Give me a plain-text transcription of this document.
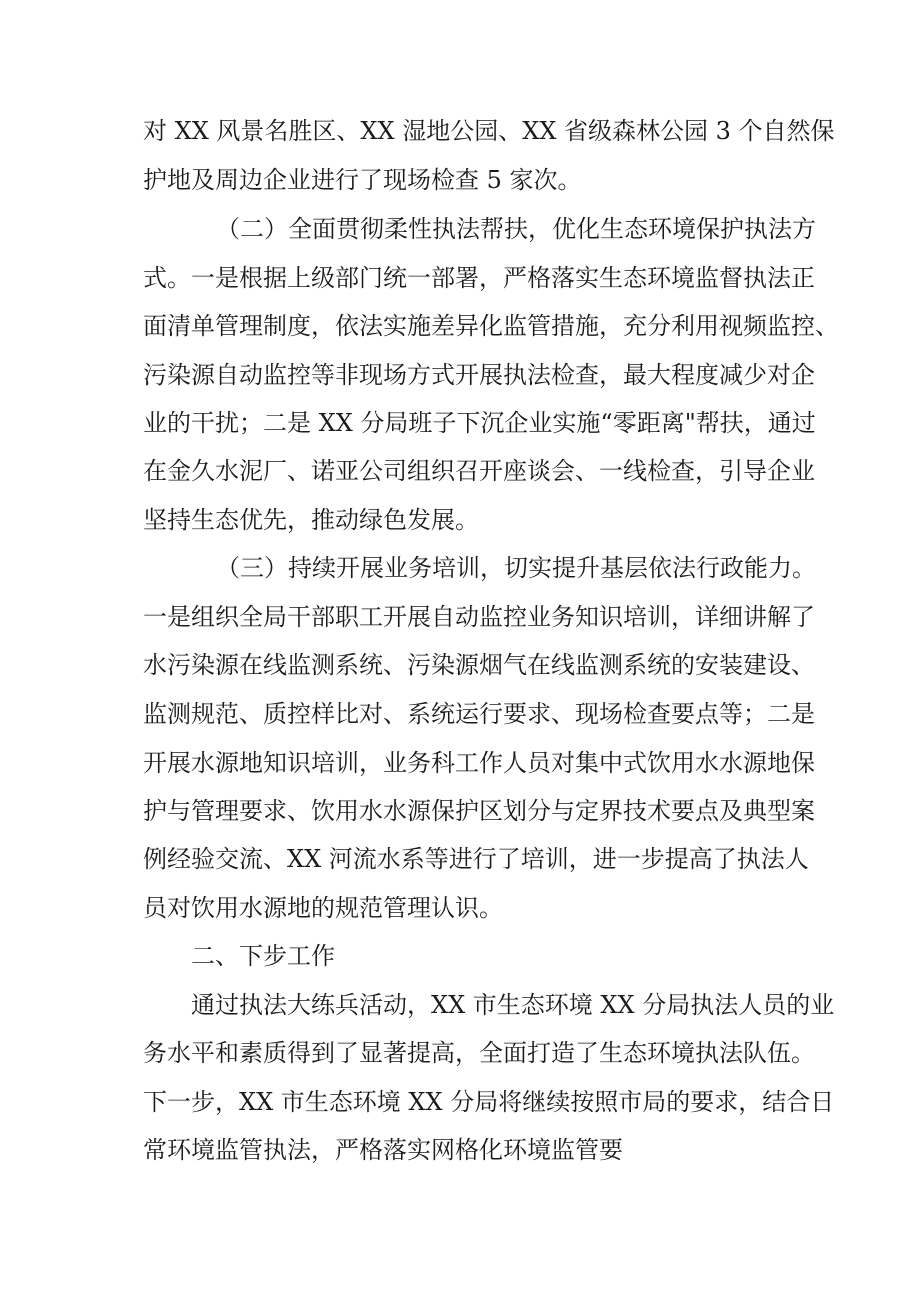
对 XX 风景名胜区、XX 湿地公园、XX 省级森林公园 3 个自然保
护地及周边企业进行了现场检查 5 家次。
（二）全面贯彻柔性执法帮扶，优化生态环境保护执法方
式。一是根据上级部门统一部署，严格落实生态环境监督执法正
面清单管理制度，依法实施差异化监管措施，充分利用视频监控、
污染源自动监控等非现场方式开展执法检查，最大程度减少对企
业的干扰；二是 XX 分局班子下沉企业实施“零距离"帮扶，通过
在金久水泥厂、诺亚公司组织召开座谈会、一线检查，引导企业
坚持生态优先，推动绿色发展。
（三）持续开展业务培训，切实提升基层依法行政能力。
一是组织全局干部职工开展自动监控业务知识培训，详细讲解了
水污染源在线监测系统、污染源烟气在线监测系统的安装建设、
监测规范、质控样比对、系统运行要求、现场检查要点等；二是
开展水源地知识培训，业务科工作人员对集中式饮用水水源地保
护与管理要求、饮用水水源保护区划分与定界技术要点及典型案
例经验交流、XX 河流水系等进行了培训，进一步提高了执法人
员对饮用水源地的规范管理认识。
二、下步工作
通过执法大练兵活动，XX 市生态环境 XX 分局执法人员的业
务水平和素质得到了显著提高，全面打造了生态环境执法队伍。
下一步，XX 市生态环境 XX 分局将继续按照市局的要求，结合日
常环境监管执法，严格落实网格化环境监管要
